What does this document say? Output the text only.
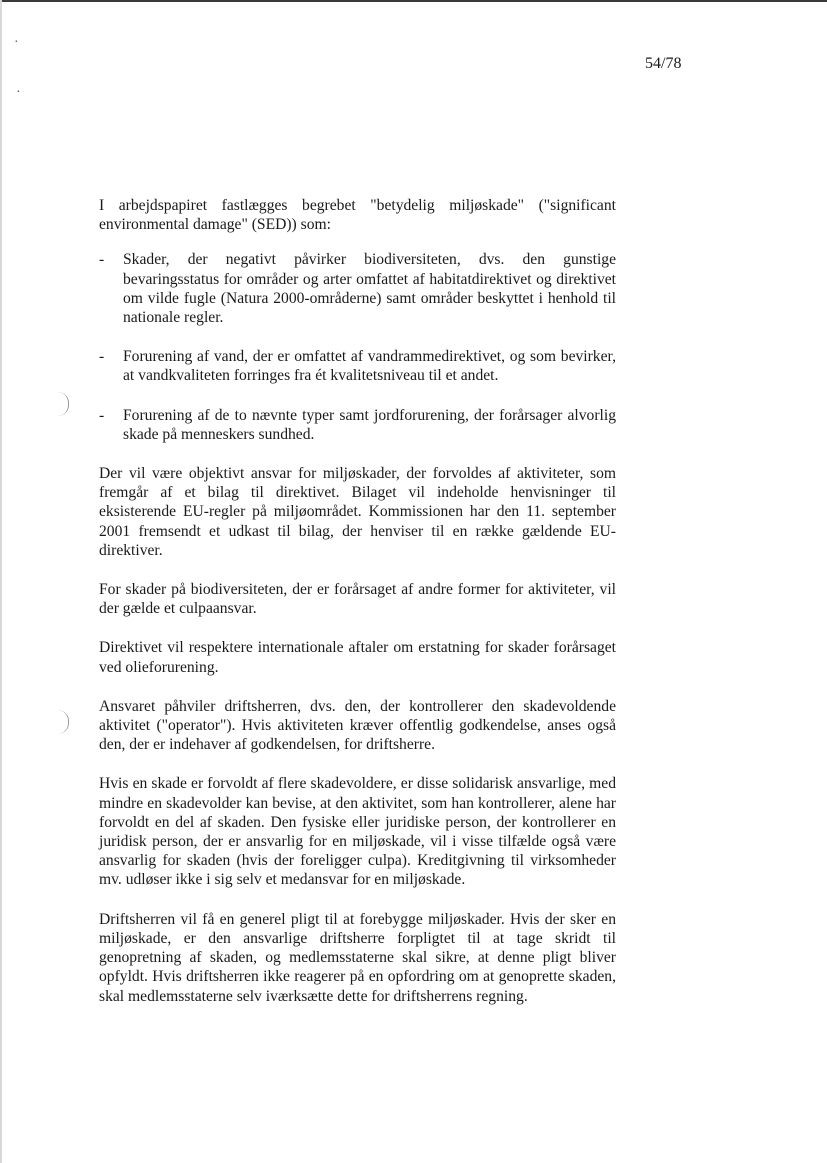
·
·
54/78

I arbejdspapiret fastlægges begrebet "betydelig miljøskade" ("significant environmental damage" (SED)) som:

- Skader, der negativt påvirker biodiversiteten, dvs. den gunstige bevaringsstatus for områder og arter omfattet af habitatdirektivet og direktivet om vilde fugle (Natura 2000-områderne) samt områder beskyttet i henhold til nationale regler.
- Forurening af vand, der er omfattet af vandrammedirektivet, og som bevirker, at vandkvaliteten forringes fra ét kvalitetsniveau til et andet.
- Forurening af de to nævnte typer samt jordforurening, der forårsager alvorlig skade på menneskers sundhed.

Der vil være objektivt ansvar for miljøskader, der forvoldes af aktiviteter, som fremgår af et bilag til direktivet. Bilaget vil indeholde henvisninger til eksisterende EU-regler på miljøområdet. Kommissionen har den 11. september 2001 fremsendt et udkast til bilag, der henviser til en række gældende EU-direktiver.

For skader på biodiversiteten, der er forårsaget af andre former for aktiviteter, vil der gælde et culpaansvar.

Direktivet vil respektere internationale aftaler om erstatning for skader forårsaget ved olieforurening.

Ansvaret påhviler driftsherren, dvs. den, der kontrollerer den skadevoldende aktivitet ("operator"). Hvis aktiviteten kræver offentlig godkendelse, anses også den, der er indehaver af godkendelsen, for driftsherre.

Hvis en skade er forvoldt af flere skadevoldere, er disse solidarisk ansvarlige, med mindre en skadevolder kan bevise, at den aktivitet, som han kontrollerer, alene har forvoldt en del af skaden. Den fysiske eller juridiske person, der kontrollerer en juridisk person, der er ansvarlig for en miljøskade, vil i visse tilfælde også være ansvarlig for skaden (hvis der foreligger culpa). Kreditgivning til virksomheder mv. udløser ikke i sig selv et medansvar for en miljøskade.

Driftsherren vil få en generel pligt til at forebygge miljøskader. Hvis der sker en miljøskade, er den ansvarlige driftsherre forpligtet til at tage skridt til genopretning af skaden, og medlemsstaterne skal sikre, at denne pligt bliver opfyldt. Hvis driftsherren ikke reagerer på en opfordring om at genoprette skaden, skal medlemsstaterne selv iværksætte dette for driftsherrens regning.
